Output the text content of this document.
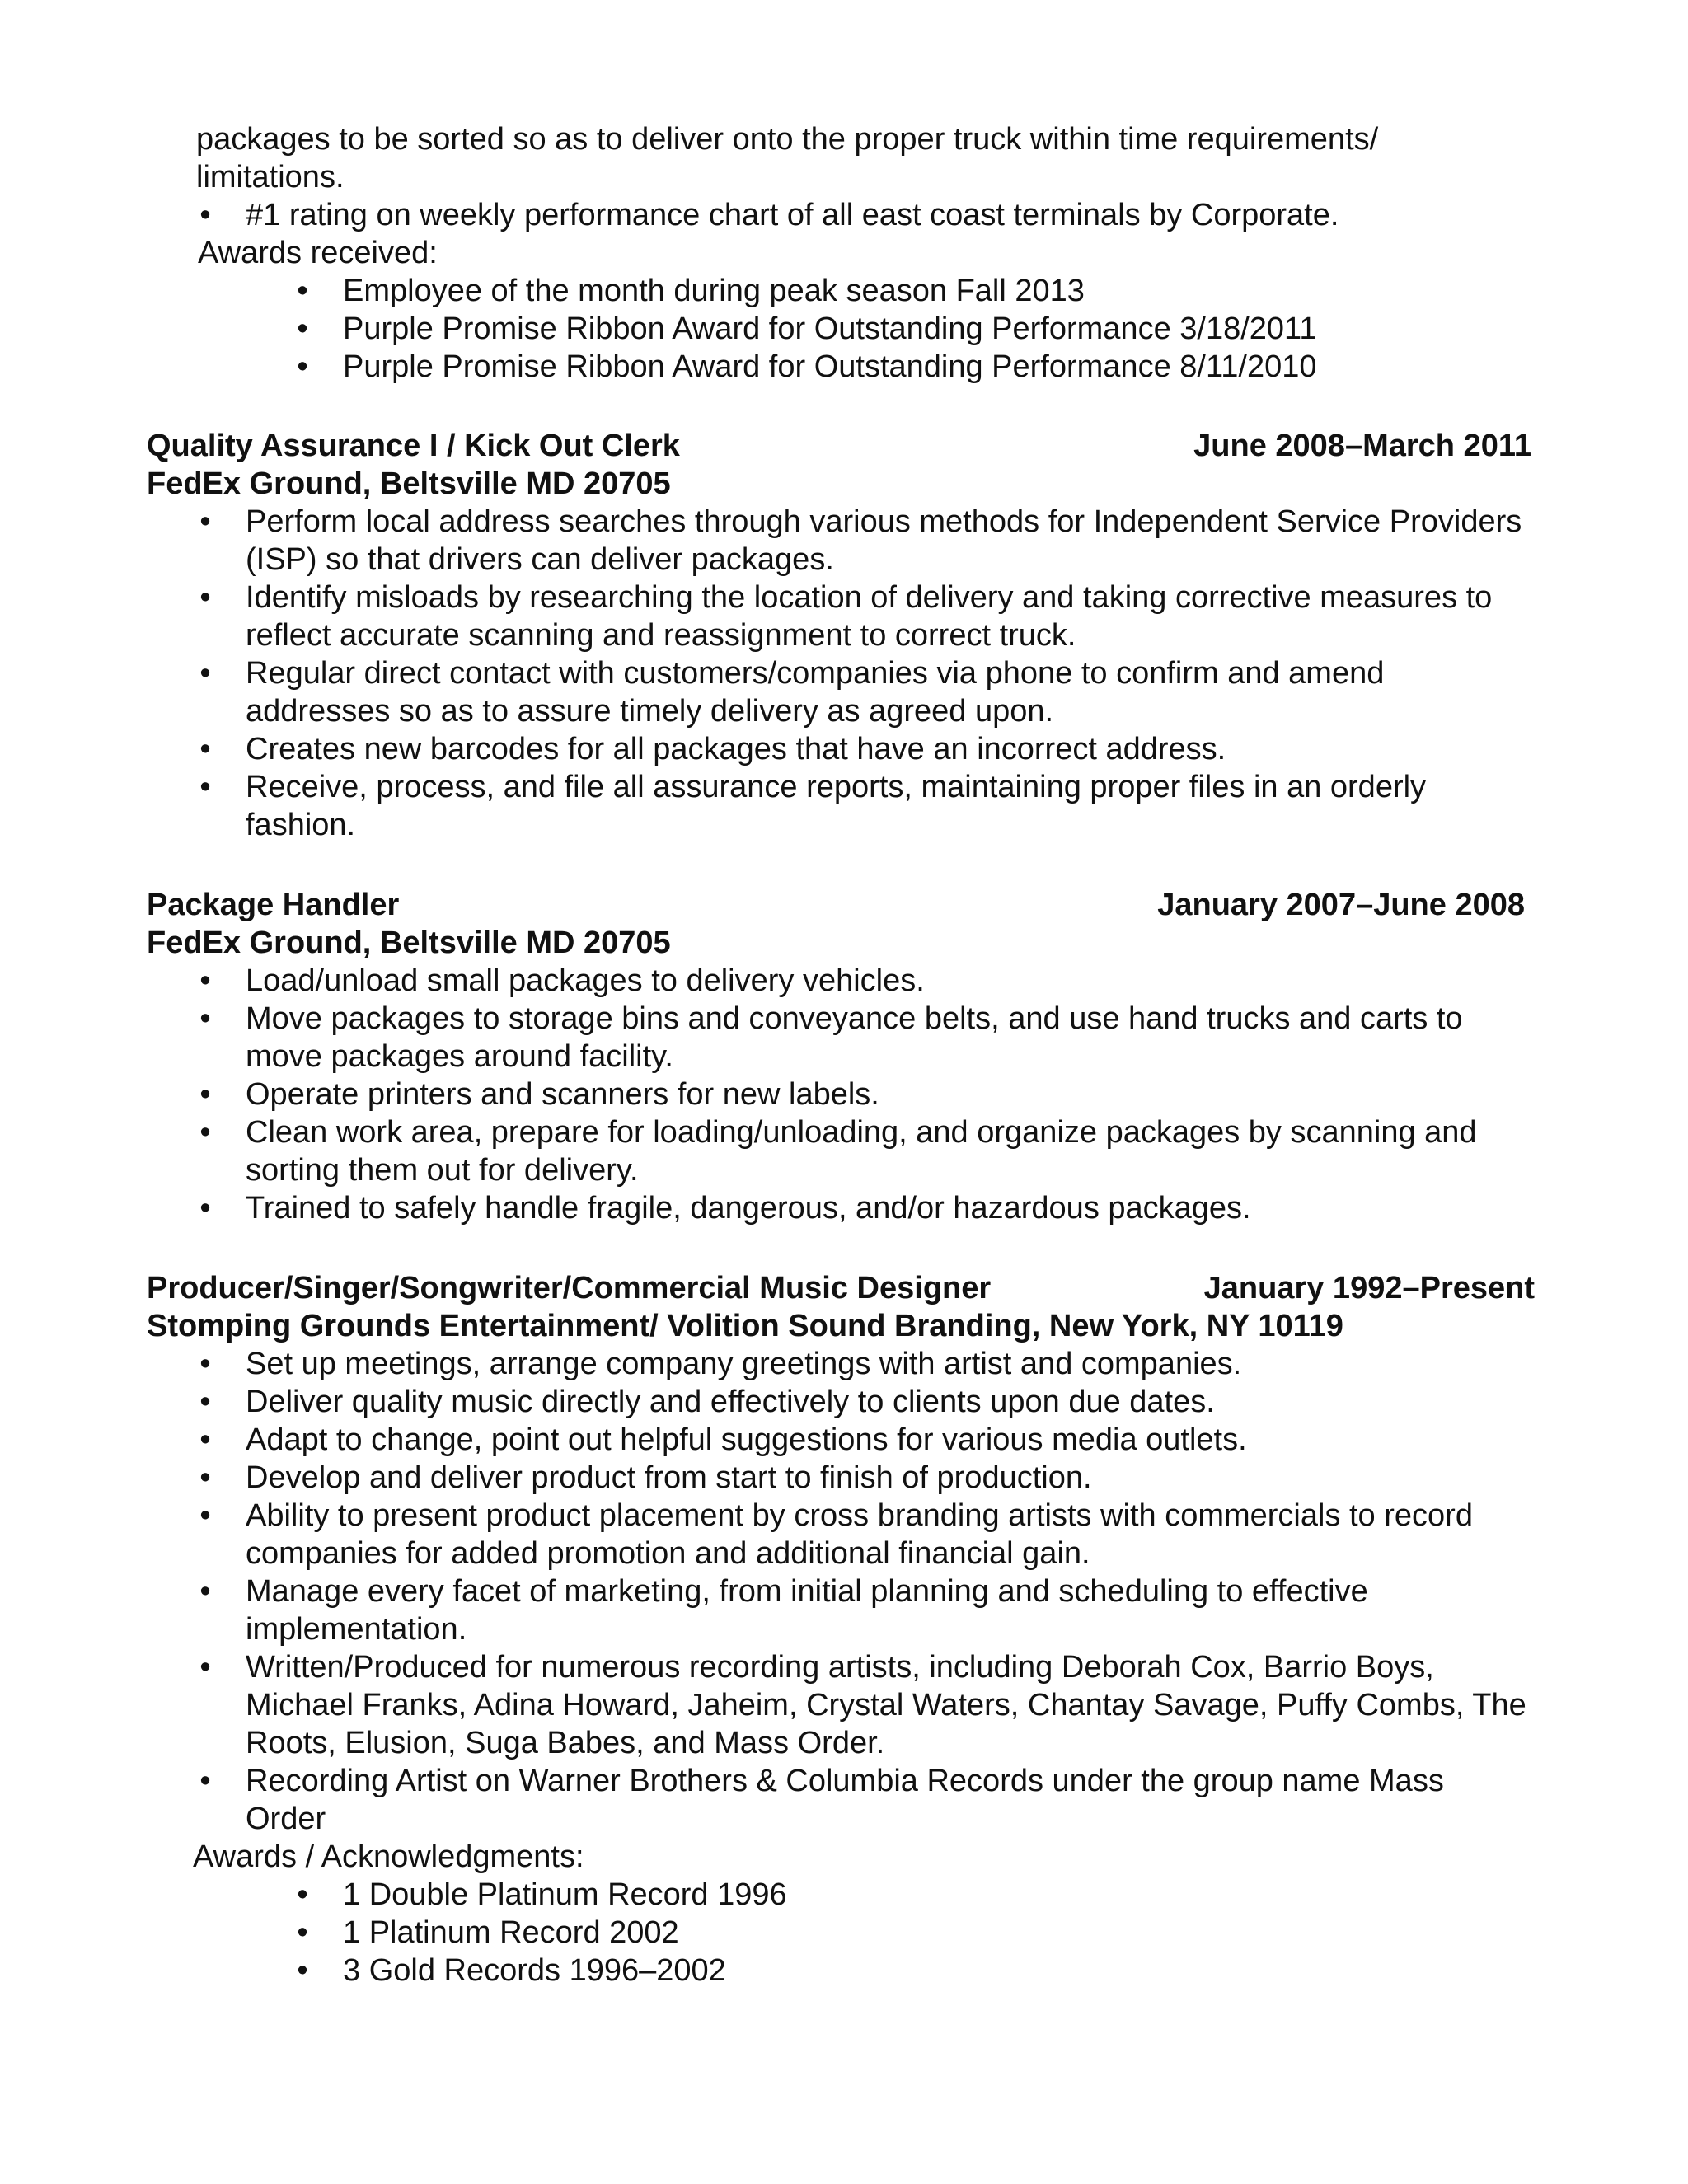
packages to be sorted so as to deliver onto the proper truck within time requirements/
limitations.
• #1 rating on weekly performance chart of all east coast terminals by Corporate.
Awards received:
• Employee of the month during peak season Fall 2013
• Purple Promise Ribbon Award for Outstanding Performance 3/18/2011
• Purple Promise Ribbon Award for Outstanding Performance 8/11/2010
Quality Assurance I / Kick Out Clerk	June 2008–March 2011
FedEx Ground, Beltsville MD 20705
• Perform local address searches through various methods for Independent Service Providers (ISP) so that drivers can deliver packages.
• Identify misloads by researching the location of delivery and taking corrective measures to reflect accurate scanning and reassignment to correct truck.
• Regular direct contact with customers/companies via phone to confirm and amend addresses so as to assure timely delivery as agreed upon.
• Creates new barcodes for all packages that have an incorrect address.
• Receive, process, and file all assurance reports, maintaining proper files in an orderly fashion.
Package Handler	January 2007–June 2008
FedEx Ground, Beltsville MD 20705
• Load/unload small packages to delivery vehicles.
• Move packages to storage bins and conveyance belts, and use hand trucks and carts to move packages around facility.
• Operate printers and scanners for new labels.
• Clean work area, prepare for loading/unloading, and organize packages by scanning and sorting them out for delivery.
• Trained to safely handle fragile, dangerous, and/or hazardous packages.
Producer/Singer/Songwriter/Commercial Music Designer	January 1992–Present
Stomping Grounds Entertainment/ Volition Sound Branding, New York, NY 10119
• Set up meetings, arrange company greetings with artist and companies.
• Deliver quality music directly and effectively to clients upon due dates.
• Adapt to change, point out helpful suggestions for various media outlets.
• Develop and deliver product from start to finish of production.
• Ability to present product placement by cross branding artists with commercials to record companies for added promotion and additional financial gain.
• Manage every facet of marketing, from initial planning and scheduling to effective implementation.
• Written/Produced for numerous recording artists, including Deborah Cox, Barrio Boys, Michael Franks, Adina Howard, Jaheim, Crystal Waters, Chantay Savage, Puffy Combs, The Roots, Elusion, Suga Babes, and Mass Order.
• Recording Artist on Warner Brothers & Columbia Records under the group name Mass Order
Awards / Acknowledgments:
• 1 Double Platinum Record 1996
• 1 Platinum Record 2002
• 3 Gold Records 1996–2002
